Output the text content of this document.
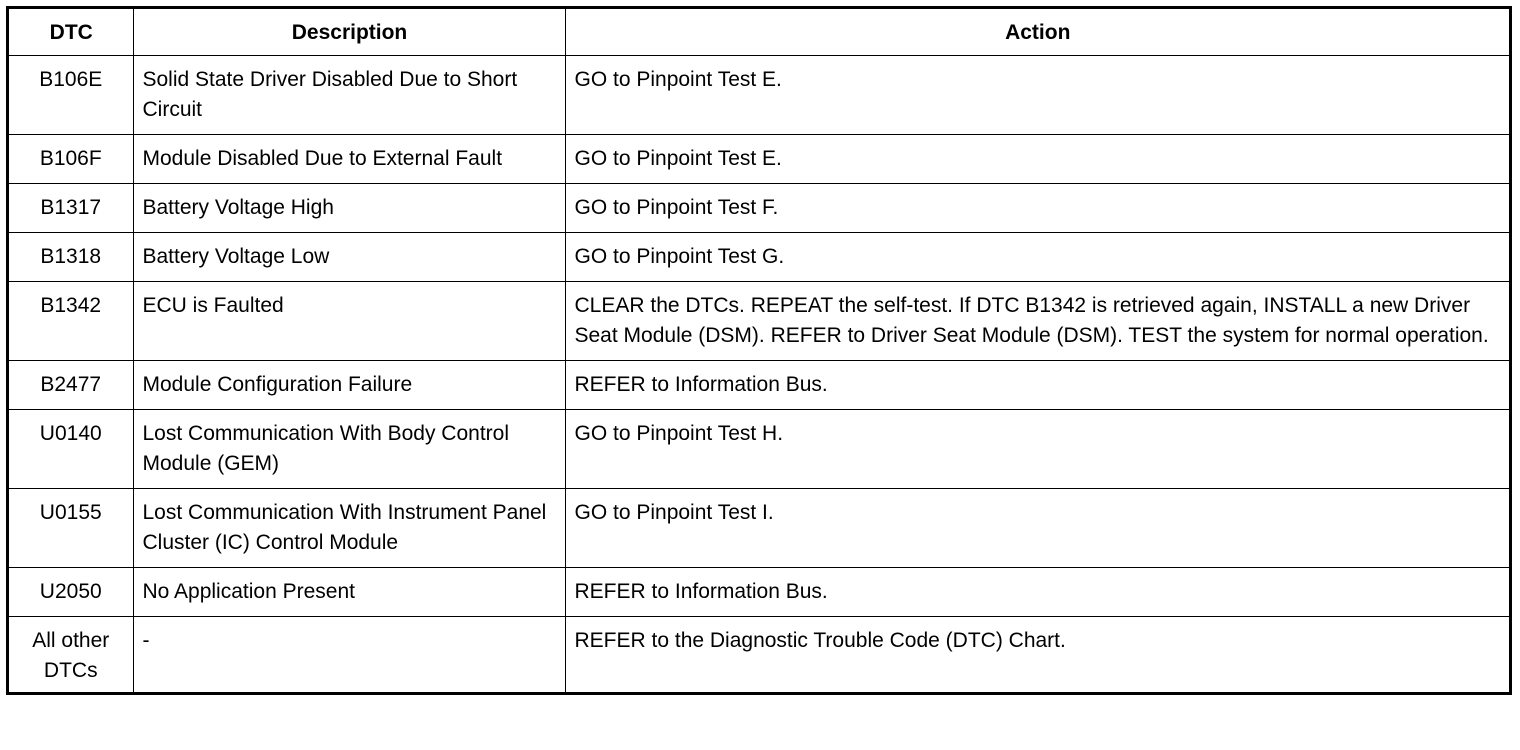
DTC	Description	Action
B106E	Solid State Driver Disabled Due to Short Circuit	GO to Pinpoint Test E.
B106F	Module Disabled Due to External Fault	GO to Pinpoint Test E.
B1317	Battery Voltage High	GO to Pinpoint Test F.
B1318	Battery Voltage Low	GO to Pinpoint Test G.
B1342	ECU is Faulted	CLEAR the DTCs. REPEAT the self-test. If DTC B1342 is retrieved again, INSTALL a new Driver Seat Module (DSM). REFER to Driver Seat Module (DSM). TEST the system for normal operation.
B2477	Module Configuration Failure	REFER to Information Bus.
U0140	Lost Communication With Body Control Module (GEM)	GO to Pinpoint Test H.
U0155	Lost Communication With Instrument Panel Cluster (IC) Control Module	GO to Pinpoint Test I.
U2050	No Application Present	REFER to Information Bus.
All other DTCs	-	REFER to the Diagnostic Trouble Code (DTC) Chart.
